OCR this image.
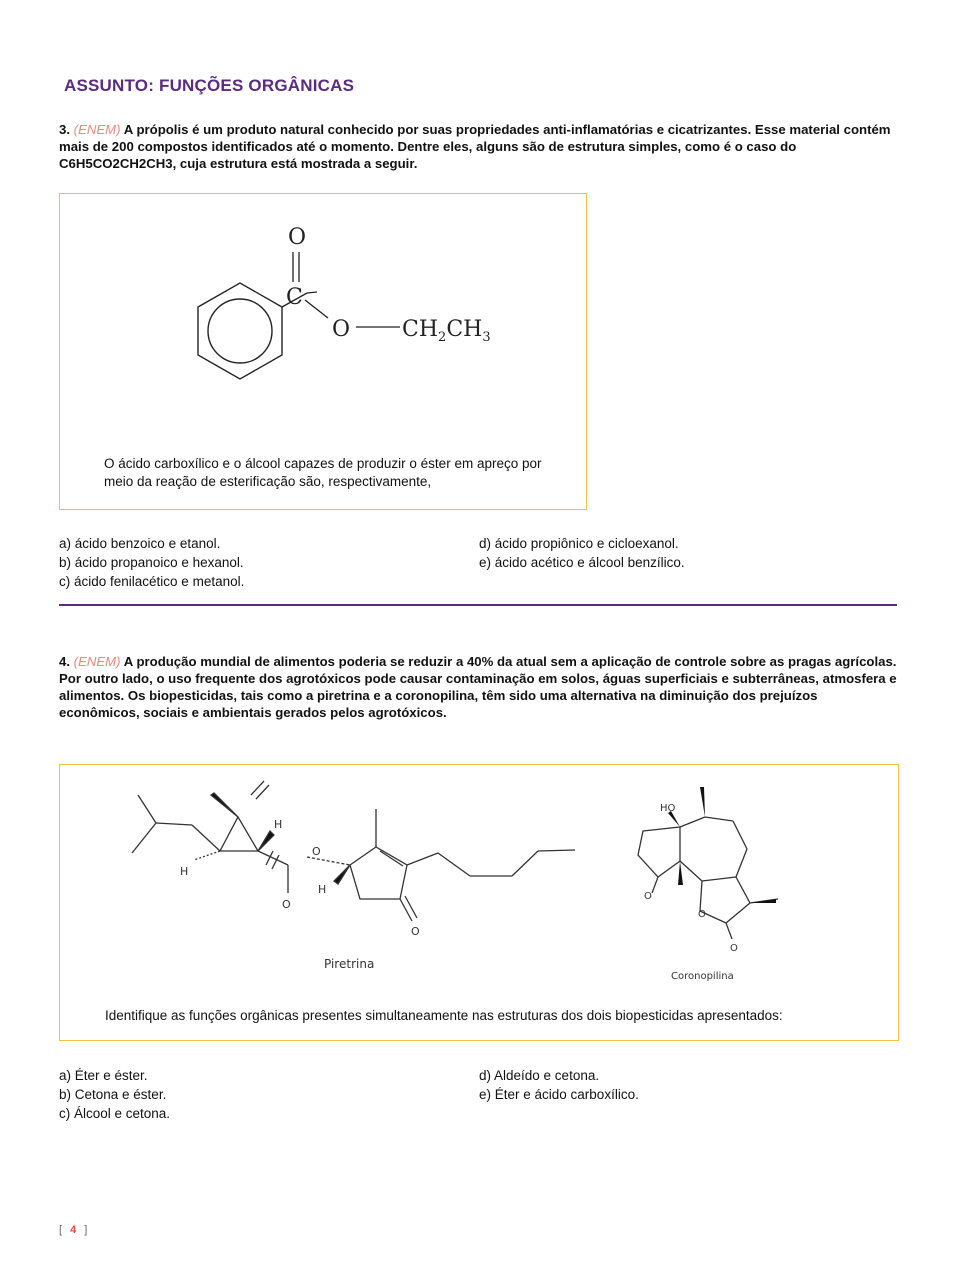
ASSUNTO: FUNÇÕES ORGÂNICAS
3. (ENEM) A própolis é um produto natural conhecido por suas propriedades anti-inflamatórias e cicatrizantes. Esse material contém mais de 200 compostos identificados até o momento. Dentre eles, alguns são de estrutura simples, como é o caso do C6H5CO2CH2CH3, cuja estrutura está mostrada a seguir.
O
C
O $CH_2CH_3$
O ácido carboxílico e o álcool capazes de produzir o éster em apreço por meio da reação de esterificação são, respectivamente,
a) ácido benzoico e etanol.
b) ácido propanoico e hexanol.
c) ácido fenilacético e metanol.
d) ácido propiônico e cicloexanol.
e) ácido acético e álcool benzílico.
4. (ENEM) A produção mundial de alimentos poderia se reduzir a 40% da atual sem a aplicação de controle sobre as pragas agrícolas. Por outro lado, o uso frequente dos agrotóxicos pode causar contaminação em solos, águas superficiais e subterrâneas, atmosfera e alimentos. Os biopesticidas, tais como a piretrina e a coronopilina, têm sido uma alternativa na diminuição dos prejuízos econômicos, sociais e ambientais gerados pelos agrotóxicos.
H
H
H
O
O
O
Piretrina
HO
O
O
O
Coronopilina
Identifique as funções orgânicas presentes simultaneamente nas estruturas dos dois biopesticidas apresentados:
a) Éter e éster.
b) Cetona e éster.
c) Álcool e cetona.
d) Aldeído e cetona.
e) Éter e ácido carboxílico.
[ 4 ]
